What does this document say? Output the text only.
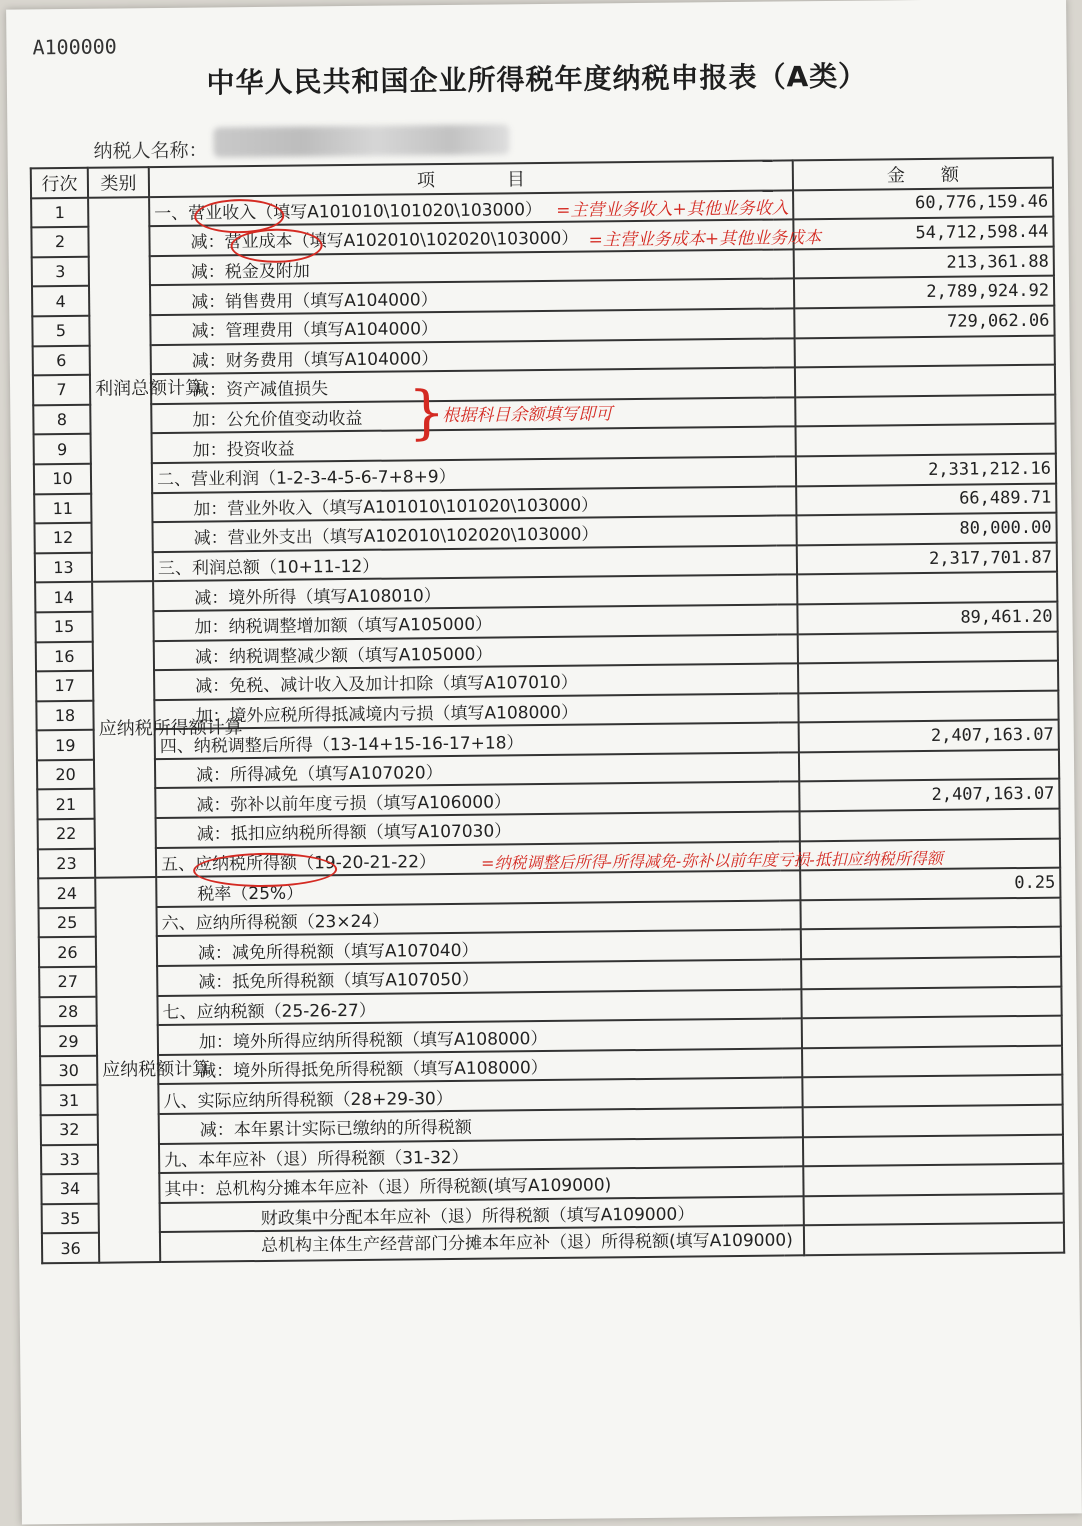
A100000
中华人民共和国企业所得税年度纳税申报表（A类）
纳税人名称：
行次	类别	项　　　　目	金　　额
1	利润总额计算	一、营业收入（填写A101010\101020\103000）	60,776,159.46
2		减：营业成本（填写A102010\102020\103000）	54,712,598.44
3		减：税金及附加	213,361.88
4		减：销售费用（填写A104000）	2,789,924.92
5		减：管理费用（填写A104000）	729,062.06
6		减：财务费用（填写A104000）	
7		减：资产减值损失	
8		加：公允价值变动收益	
9		加：投资收益	
10		二、营业利润（1-2-3-4-5-6-7+8+9）	2,331,212.16
11		加：营业外收入（填写A101010\101020\103000）	66,489.71
12		减：营业外支出（填写A102010\102020\103000）	80,000.00
13		三、利润总额（10+11-12）	2,317,701.87
14	应纳税所得额计算	减：境外所得（填写A108010）	
15		加：纳税调整增加额（填写A105000）	89,461.20
16		减：纳税调整减少额（填写A105000）	
17		减：免税、减计收入及加计扣除（填写A107010）	
18		加：境外应税所得抵减境内亏损（填写A108000）	
19		四、纳税调整后所得（13-14+15-16-17+18）	2,407,163.07
20		减：所得减免（填写A107020）	
21		减：弥补以前年度亏损（填写A106000）	2,407,163.07
22		减：抵扣应纳税所得额（填写A107030）	
23		五、应纳税所得额（19-20-21-22）	
24	应纳税额计算	税率（25%）	0.25
25		六、应纳所得税额（23×24）	
26		减：减免所得税额（填写A107040）	
27		减：抵免所得税额（填写A107050）	
28		七、应纳税额（25-26-27）	
29		加：境外所得应纳所得税额（填写A108000）	
30		减：境外所得抵免所得税额（填写A108000）	
31		八、实际应纳所得税额（28+29-30）	
32		减：本年累计实际已缴纳的所得税额	
33		九、本年应补（退）所得税额（31-32）	
34		其中：总机构分摊本年应补（退）所得税额(填写A109000)	
35		财政集中分配本年应补（退）所得税额（填写A109000）	
36		总机构主体生产经营部门分摊本年应补（退）所得税额(填写A109000)	
=主营业务收入+其他业务收入
=主营业务成本+其他业务成本
}
根据科目余额填写即可
=纳税调整后所得-所得减免-弥补以前年度亏损-抵扣应纳税所得额
